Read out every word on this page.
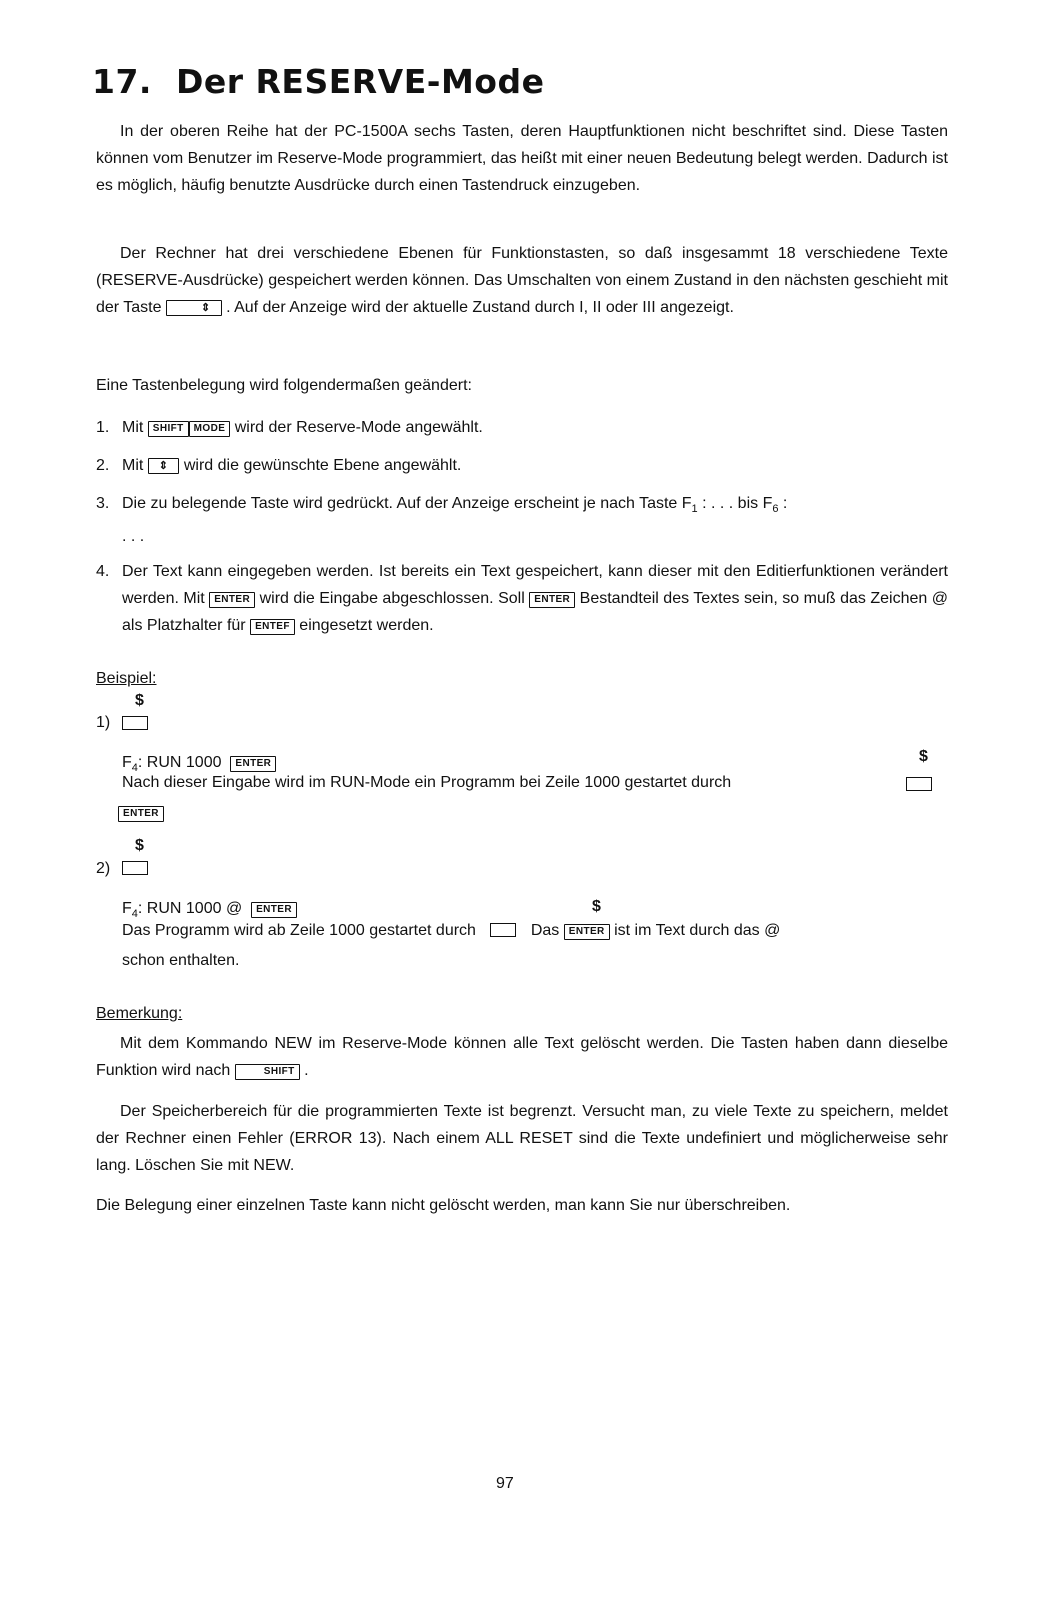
17. Der RESERVE-Mode

In der oberen Reihe hat der PC-1500A sechs Tasten, deren Hauptfunktionen nicht beschriftet sind. Diese Tasten können vom Benutzer im Reserve-Mode programmiert, das heißt mit einer neuen Bedeutung belegt werden. Dadurch ist es möglich, häufig benutzte Ausdrücke durch einen Tastendruck einzugeben.

Der Rechner hat drei verschiedene Ebenen für Funktionstasten, so daß insgesammt 18 verschiedene Texte (RESERVE-Ausdrücke) gespeichert werden können. Das Umschalten von einem Zustand in den nächsten geschieht mit der Taste	⇕ . Auf der Anzeige wird der aktuelle Zustand durch I, II oder III angezeigt.

Eine Tastenbelegung wird folgendermaßen geändert:

1. Mit SHIFT MODE wird der Reserve-Mode angewählt.
2. Mit ⇕ wird die gewünschte Ebene angewählt.
3. Die zu belegende Taste wird gedrückt. Auf der Anzeige erscheint je nach Taste $F_1$ : . . . bis $F_6$ :
. . .
4. Der Text kann eingegeben werden. Ist bereits ein Text gespeichert, kann dieser mit den Editierfunktionen verändert werden. Mit ENTER wird die Eingabe abgeschlossen. Soll ENTER Bestandteil des Textes sein, so muß das Zeichen @ als Platzhalter für ENTEF eingesetzt werden.
Beispiel:
$
1)
$F_4$: RUN 1000 ENTER	$
Nach dieser Eingabe wird im RUN-Mode ein Programm bei Zeile 1000 gestartet durch
ENTER
$
2)
$F_4$: RUN 1000 @ ENTER	$
Das Programm wird ab Zeile 1000 gestartet durch	Das ENTER ist im Text durch das @
schon enthalten.
Bemerkung:

Mit dem Kommando NEW im Reserve-Mode können alle Text gelöscht werden. Die Tasten haben dann dieselbe Funktion wird nach	SHIFT .

Der Speicherbereich für die programmierten Texte ist begrenzt. Versucht man, zu viele Texte zu speichern, meldet der Rechner einen Fehler (ERROR 13). Nach einem ALL RESET sind die Texte undefiniert und möglicherweise sehr lang. Löschen Sie mit NEW.

Die Belegung einer einzelnen Taste kann nicht gelöscht werden, man kann Sie nur überschreiben.

97
